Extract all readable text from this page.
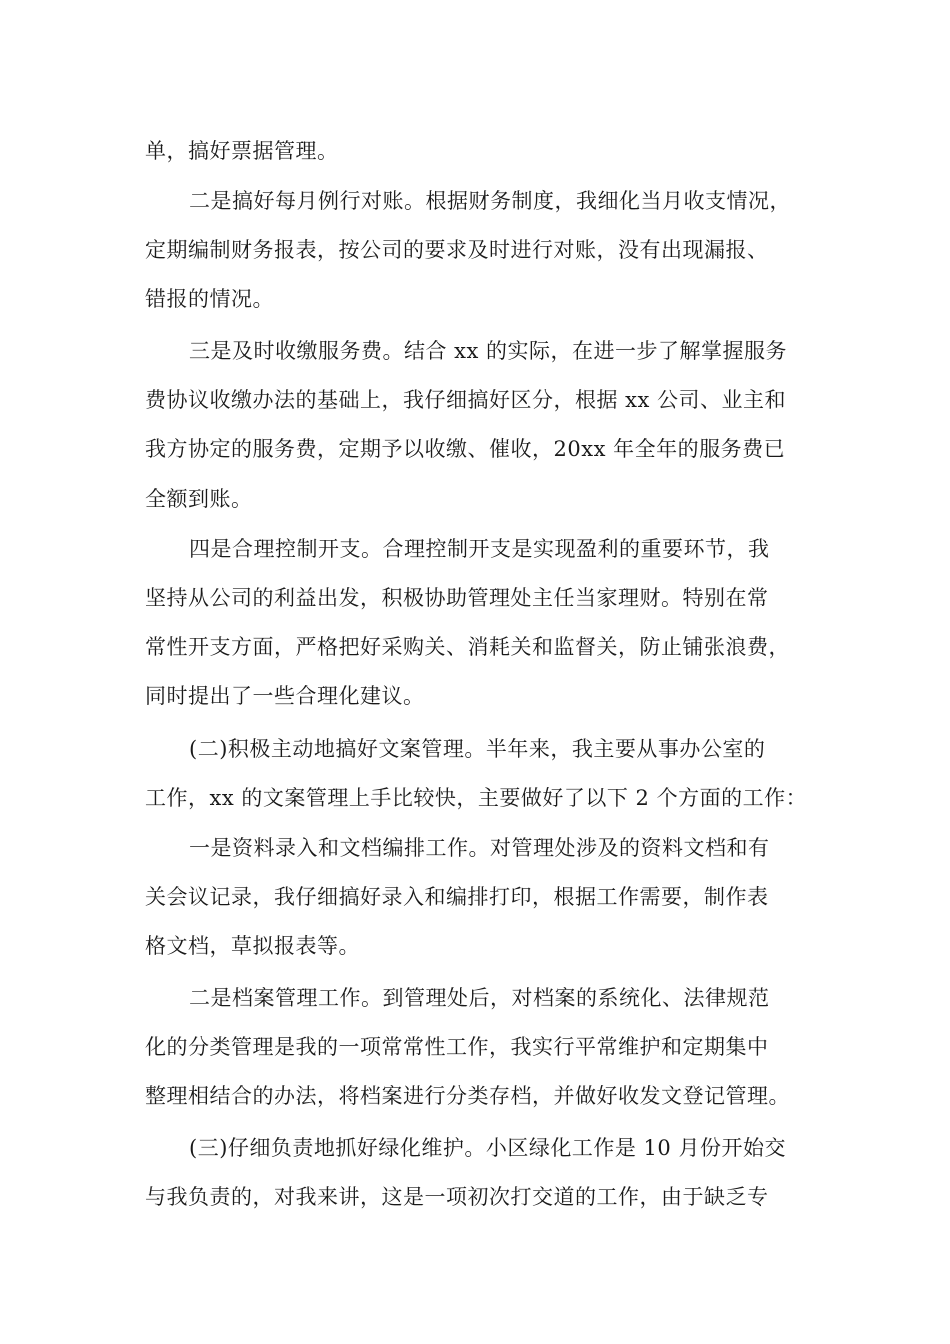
单，搞好票据管理。
二是搞好每月例行对账。根据财务制度，我细化当月收支情况，
定期编制财务报表，按公司的要求及时进行对账，没有出现漏报、
错报的情况。
三是及时收缴服务费。结合 xx 的实际，在进一步了解掌握服务
费协议收缴办法的基础上，我仔细搞好区分，根据 xx 公司、业主和
我方协定的服务费，定期予以收缴、催收，20xx 年全年的服务费已
全额到账。
四是合理控制开支。合理控制开支是实现盈利的重要环节，我
坚持从公司的利益出发，积极协助管理处主任当家理财。特别在常
常性开支方面，严格把好采购关、消耗关和监督关，防止铺张浪费，
同时提出了一些合理化建议。
(二)积极主动地搞好文案管理。半年来，我主要从事办公室的
工作，xx 的文案管理上手比较快，主要做好了以下 2 个方面的工作：
一是资料录入和文档编排工作。对管理处涉及的资料文档和有
关会议记录，我仔细搞好录入和编排打印，根据工作需要，制作表
格文档，草拟报表等。
二是档案管理工作。到管理处后，对档案的系统化、法律规范
化的分类管理是我的一项常常性工作，我实行平常维护和定期集中
整理相结合的办法，将档案进行分类存档，并做好收发文登记管理。
(三)仔细负责地抓好绿化维护。小区绿化工作是 10 月份开始交
与我负责的，对我来讲，这是一项初次打交道的工作，由于缺乏专
